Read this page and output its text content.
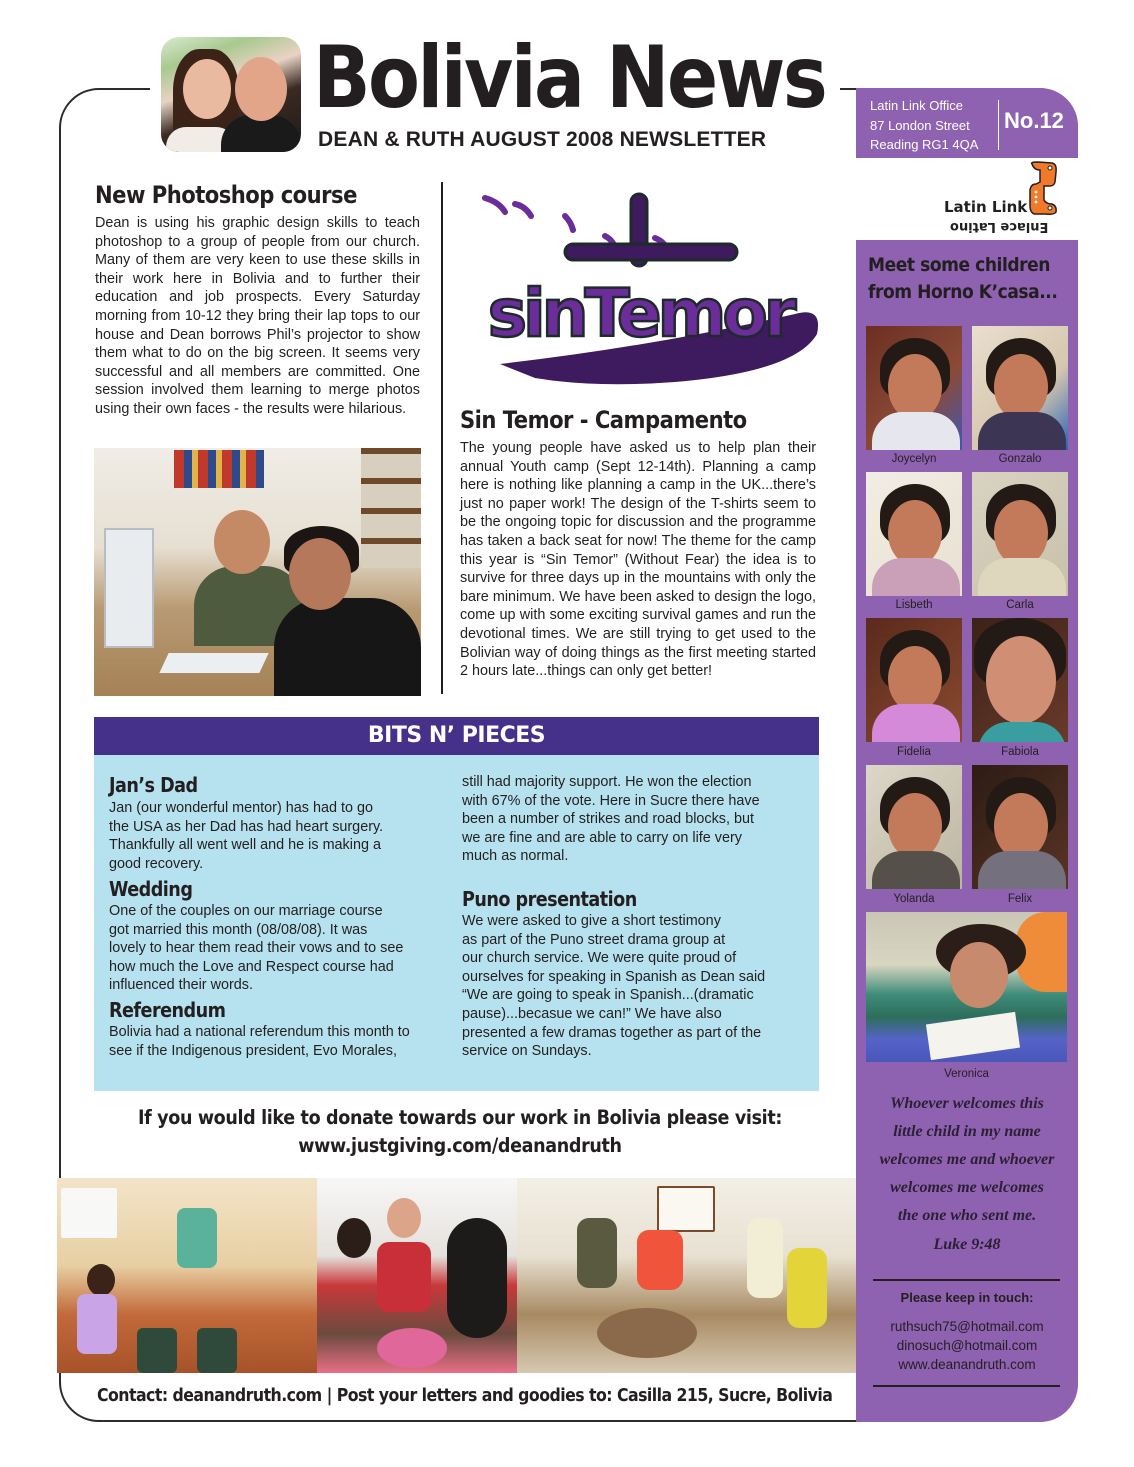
Bolivia News
DEAN & RUTH AUGUST 2008 NEWSLETTER
Latin Link Office
87 London Street
Reading RG1 4QA
No.12
Latin Link
Enlace Latino
Meet some children
from Horno K’casa...
Joycelyn	Gonzalo
Lisbeth	Carla
Fidelia	Fabiola
Yolanda	Felix
Veronica
Whoever welcomes this
little child in my name
welcomes me and whoever
welcomes me welcomes
the one who sent me.
Luke 9:48
Please keep in touch:
ruthsuch75@hotmail.com
dinosuch@hotmail.com
www.deanandruth.com
New Photoshop course
Dean is using his graphic design skills to teach photoshop to a group of people from our church. Many of them are very keen to use these skills in their work here in Bolivia and to further their education and job prospects. Every Saturday morning from 10-12 they bring their lap tops to our house and Dean borrows Phil’s projector to show them what to do on the big screen. It seems very successful and all members are committed. One session involved them learning to merge photos using their own faces - the results were hilarious.
sinTemor
Sin Temor - Campamento
The young people have asked us to help plan their annual Youth camp (Sept 12-14th). Planning a camp here is nothing like planning a camp in the UK...there’s just no paper work! The design of the T-shirts seem to be the ongoing topic for discussion and the programme has taken a back seat for now! The theme for the camp this year is “Sin Temor” (Without Fear) the idea is to survive for three days up in the mountains with only the bare minimum. We have been asked to design the logo, come up with some exciting survival games and run the devotional times. We are still trying to get used to the Bolivian way of doing things as the first meeting started 2 hours late...things can only get better!
BITS N’ PIECES
Jan’s Dad
Jan (our wonderful mentor) has had to go
the USA as her Dad has had heart surgery.
Thankfully all went well and he is making a
good recovery.
Wedding
One of the couples on our marriage course
got married this month (08/08/08). It was
lovely to hear them read their vows and to see
how much the Love and Respect course had
influenced their words.
Referendum
Bolivia had a national referendum this month to
see if the Indigenous president, Evo Morales,
still had majority support. He won the election
with 67% of the vote. Here in Sucre there have
been a number of strikes and road blocks, but
we are fine and are able to carry on life very
much as normal.
Puno presentation
We were asked to give a short testimony
as part of the Puno street drama group at
our church service. We were quite proud of
ourselves for speaking in Spanish as Dean said
“We are going to speak in Spanish...(dramatic
pause)...becasue we can!” We have also
presented a few dramas together as part of the
service on Sundays.
If you would like to donate towards our work in Bolivia please visit:
www.justgiving.com/deanandruth
Contact: deanandruth.com | Post your letters and goodies to: Casilla 215, Sucre, Bolivia
